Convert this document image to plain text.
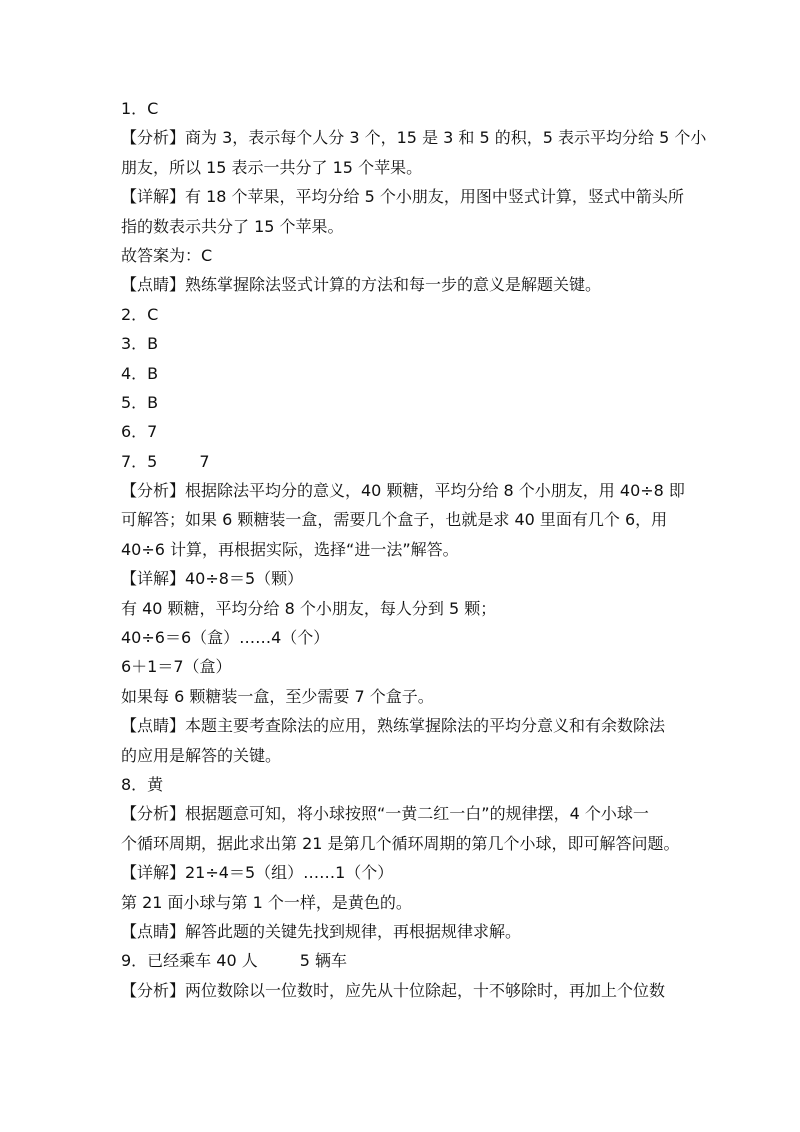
1．C
【分析】商为 3，表示每个人分 3 个，15 是 3 和 5 的积，5 表示平均分给 5 个小
朋友，所以 15 表示一共分了 15 个苹果。
【详解】有 18 个苹果，平均分给 5 个小朋友，用图中竖式计算，竖式中箭头所
指的数表示共分了 15 个苹果。
故答案为：C
【点睛】熟练掌握除法竖式计算的方法和每一步的意义是解题关键。
2．C
3．B
4．B
5．B
6．7
7．5	7
【分析】根据除法平均分的意义，40 颗糖，平均分给 8 个小朋友，用 40÷8 即
可解答；如果 6 颗糖装一盒，需要几个盒子，也就是求 40 里面有几个 6，用
40÷6 计算，再根据实际，选择“进一法”解答。
【详解】40÷8＝5（颗）
有 40 颗糖，平均分给 8 个小朋友，每人分到 5 颗；
40÷6＝6（盒）……4（个）
6＋1＝7（盒）
如果每 6 颗糖装一盒，至少需要 7 个盒子。
【点睛】本题主要考查除法的应用，熟练掌握除法的平均分意义和有余数除法
的应用是解答的关键。
8．黄
【分析】根据题意可知，将小球按照“一黄二红一白”的规律摆，4 个小球一
个循环周期，据此求出第 21 是第几个循环周期的第几个小球，即可解答问题。
【详解】21÷4＝5（组）……1（个）
第 21 面小球与第 1 个一样，是黄色的。
【点睛】解答此题的关键先找到规律，再根据规律求解。
9．已经乘车 40 人	5 辆车
【分析】两位数除以一位数时，应先从十位除起，十不够除时，再加上个位数
